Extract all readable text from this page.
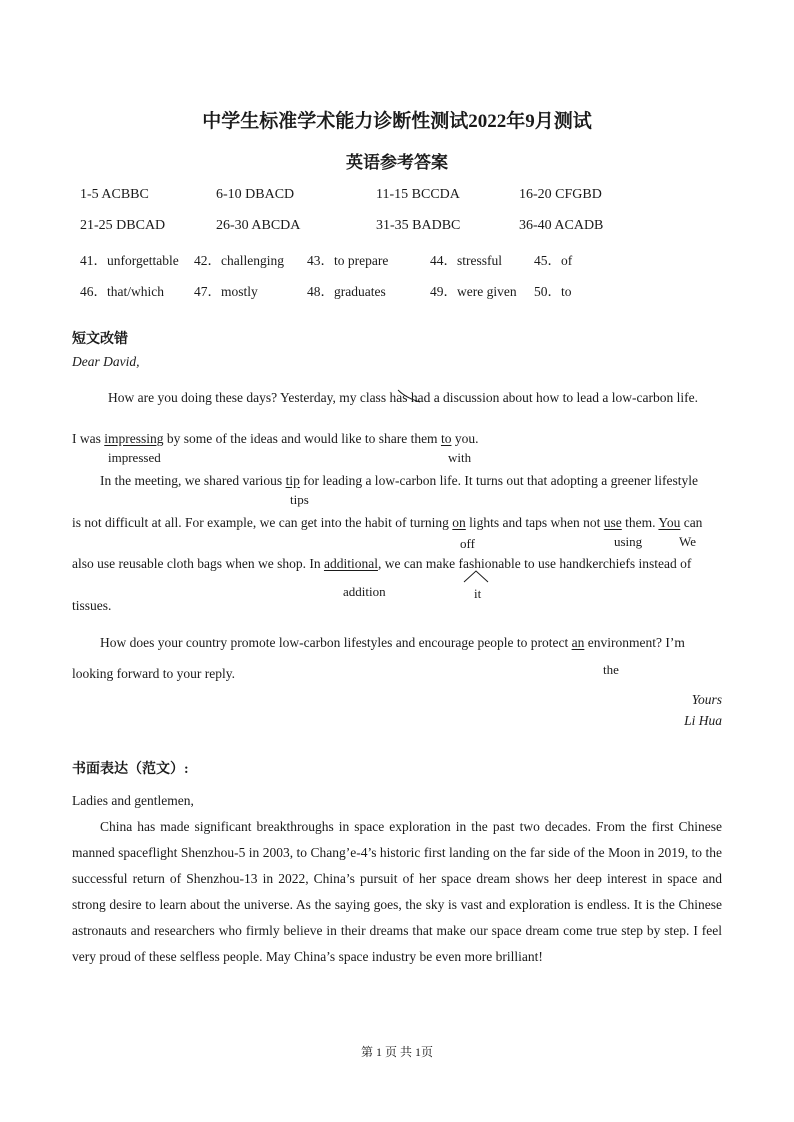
中学生标准学术能力诊断性测试2022年9月测试
英语参考答案
1-5 ACBBC	6-10 DBACD	11-15 BCCDA	16-20 CFGBD
21-25 DBCAD	26-30 ABCDA	31-35 BADBC	36-40 ACADB
41．unforgettable 42．challenging 43．to prepare	44．stressful 45．of
46．that/which 47．mostly	48．graduates	49．were given 50．to
短文改错
Dear David,
How are you doing these days? Yesterday, my class has had a discussion about how to lead a low-carbon life.
I was impressing by some of the ideas and would like to share them to you.
impressed	with
In the meeting, we shared various tip for leading a low-carbon life. It turns out that adopting a greener lifestyle
tips
is not difficult at all. For example, we can get into the habit of turning on lights and taps when not use them. You can
off	using	We
also use reusable cloth bags when we shop. In additional, we can make fashionable to use handkerchiefs instead of
addition	it
tissues.
How does your country promote low-carbon lifestyles and encourage people to protect an environment? I’m
looking forward to your reply.	the
Yours
Li Hua
书面表达（范文）:
Ladies and gentlemen,
China has made significant breakthroughs in space exploration in the past two decades. From the first Chinese manned spaceflight Shenzhou-5 in 2003, to Chang’e-4’s historic first landing on the far side of the Moon in 2019, to the successful return of Shenzhou-13 in 2022, China’s pursuit of her space dream shows her deep interest in space and strong desire to learn about the universe. As the saying goes, the sky is vast and exploration is endless. It is the Chinese astronauts and researchers who firmly believe in their dreams that make our space dream come true step by step. I feel very proud of these selfless people. May China’s space industry be even more brilliant!
第 1 页 共 1页
